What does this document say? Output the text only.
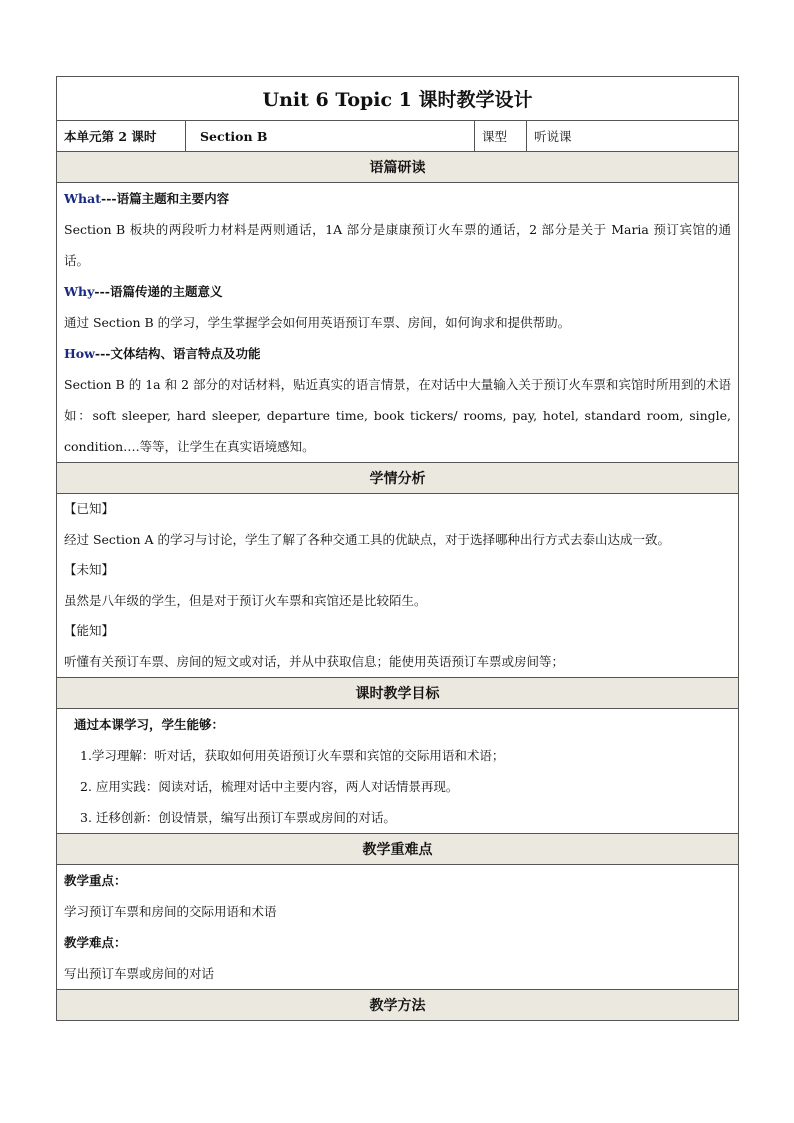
Unit 6 Topic 1 课时教学设计
本单元第 2 课时	Section B	课型	听说课
语篇研读

What---语篇主题和主要内容

Section B 板块的两段听力材料是两则通话，1A 部分是康康预订火车票的通话，2 部分是关于 Maria 预订宾馆的通话。

Why---语篇传递的主题意义

通过 Section B 的学习，学生掌握学会如何用英语预订车票、房间，如何询求和提供帮助。

How---文体结构、语言特点及功能

Section B 的 1a 和 2 部分的对话材料，贴近真实的语言情景，在对话中大量输入关于预订火车票和宾馆时所用到的术语如：soft sleeper, hard sleeper, departure time, book tickers/ rooms, pay, hotel, standard room, single, condition….等等，让学生在真实语境感知。

学情分析

【已知】

经过 Section A 的学习与讨论，学生了解了各种交通工具的优缺点，对于选择哪种出行方式去泰山达成一致。

【未知】

虽然是八年级的学生，但是对于预订火车票和宾馆还是比较陌生。

【能知】

听懂有关预订车票、房间的短文或对话，并从中获取信息；能使用英语预订车票或房间等；

课时教学目标

通过本课学习，学生能够：

1.学习理解：听对话，获取如何用英语预订火车票和宾馆的交际用语和术语；

2. 应用实践：阅读对话，梳理对话中主要内容，两人对话情景再现。

3. 迁移创新：创设情景，编写出预订车票或房间的对话。

教学重难点

教学重点：

学习预订车票和房间的交际用语和术语

教学难点：

写出预订车票或房间的对话

教学方法
